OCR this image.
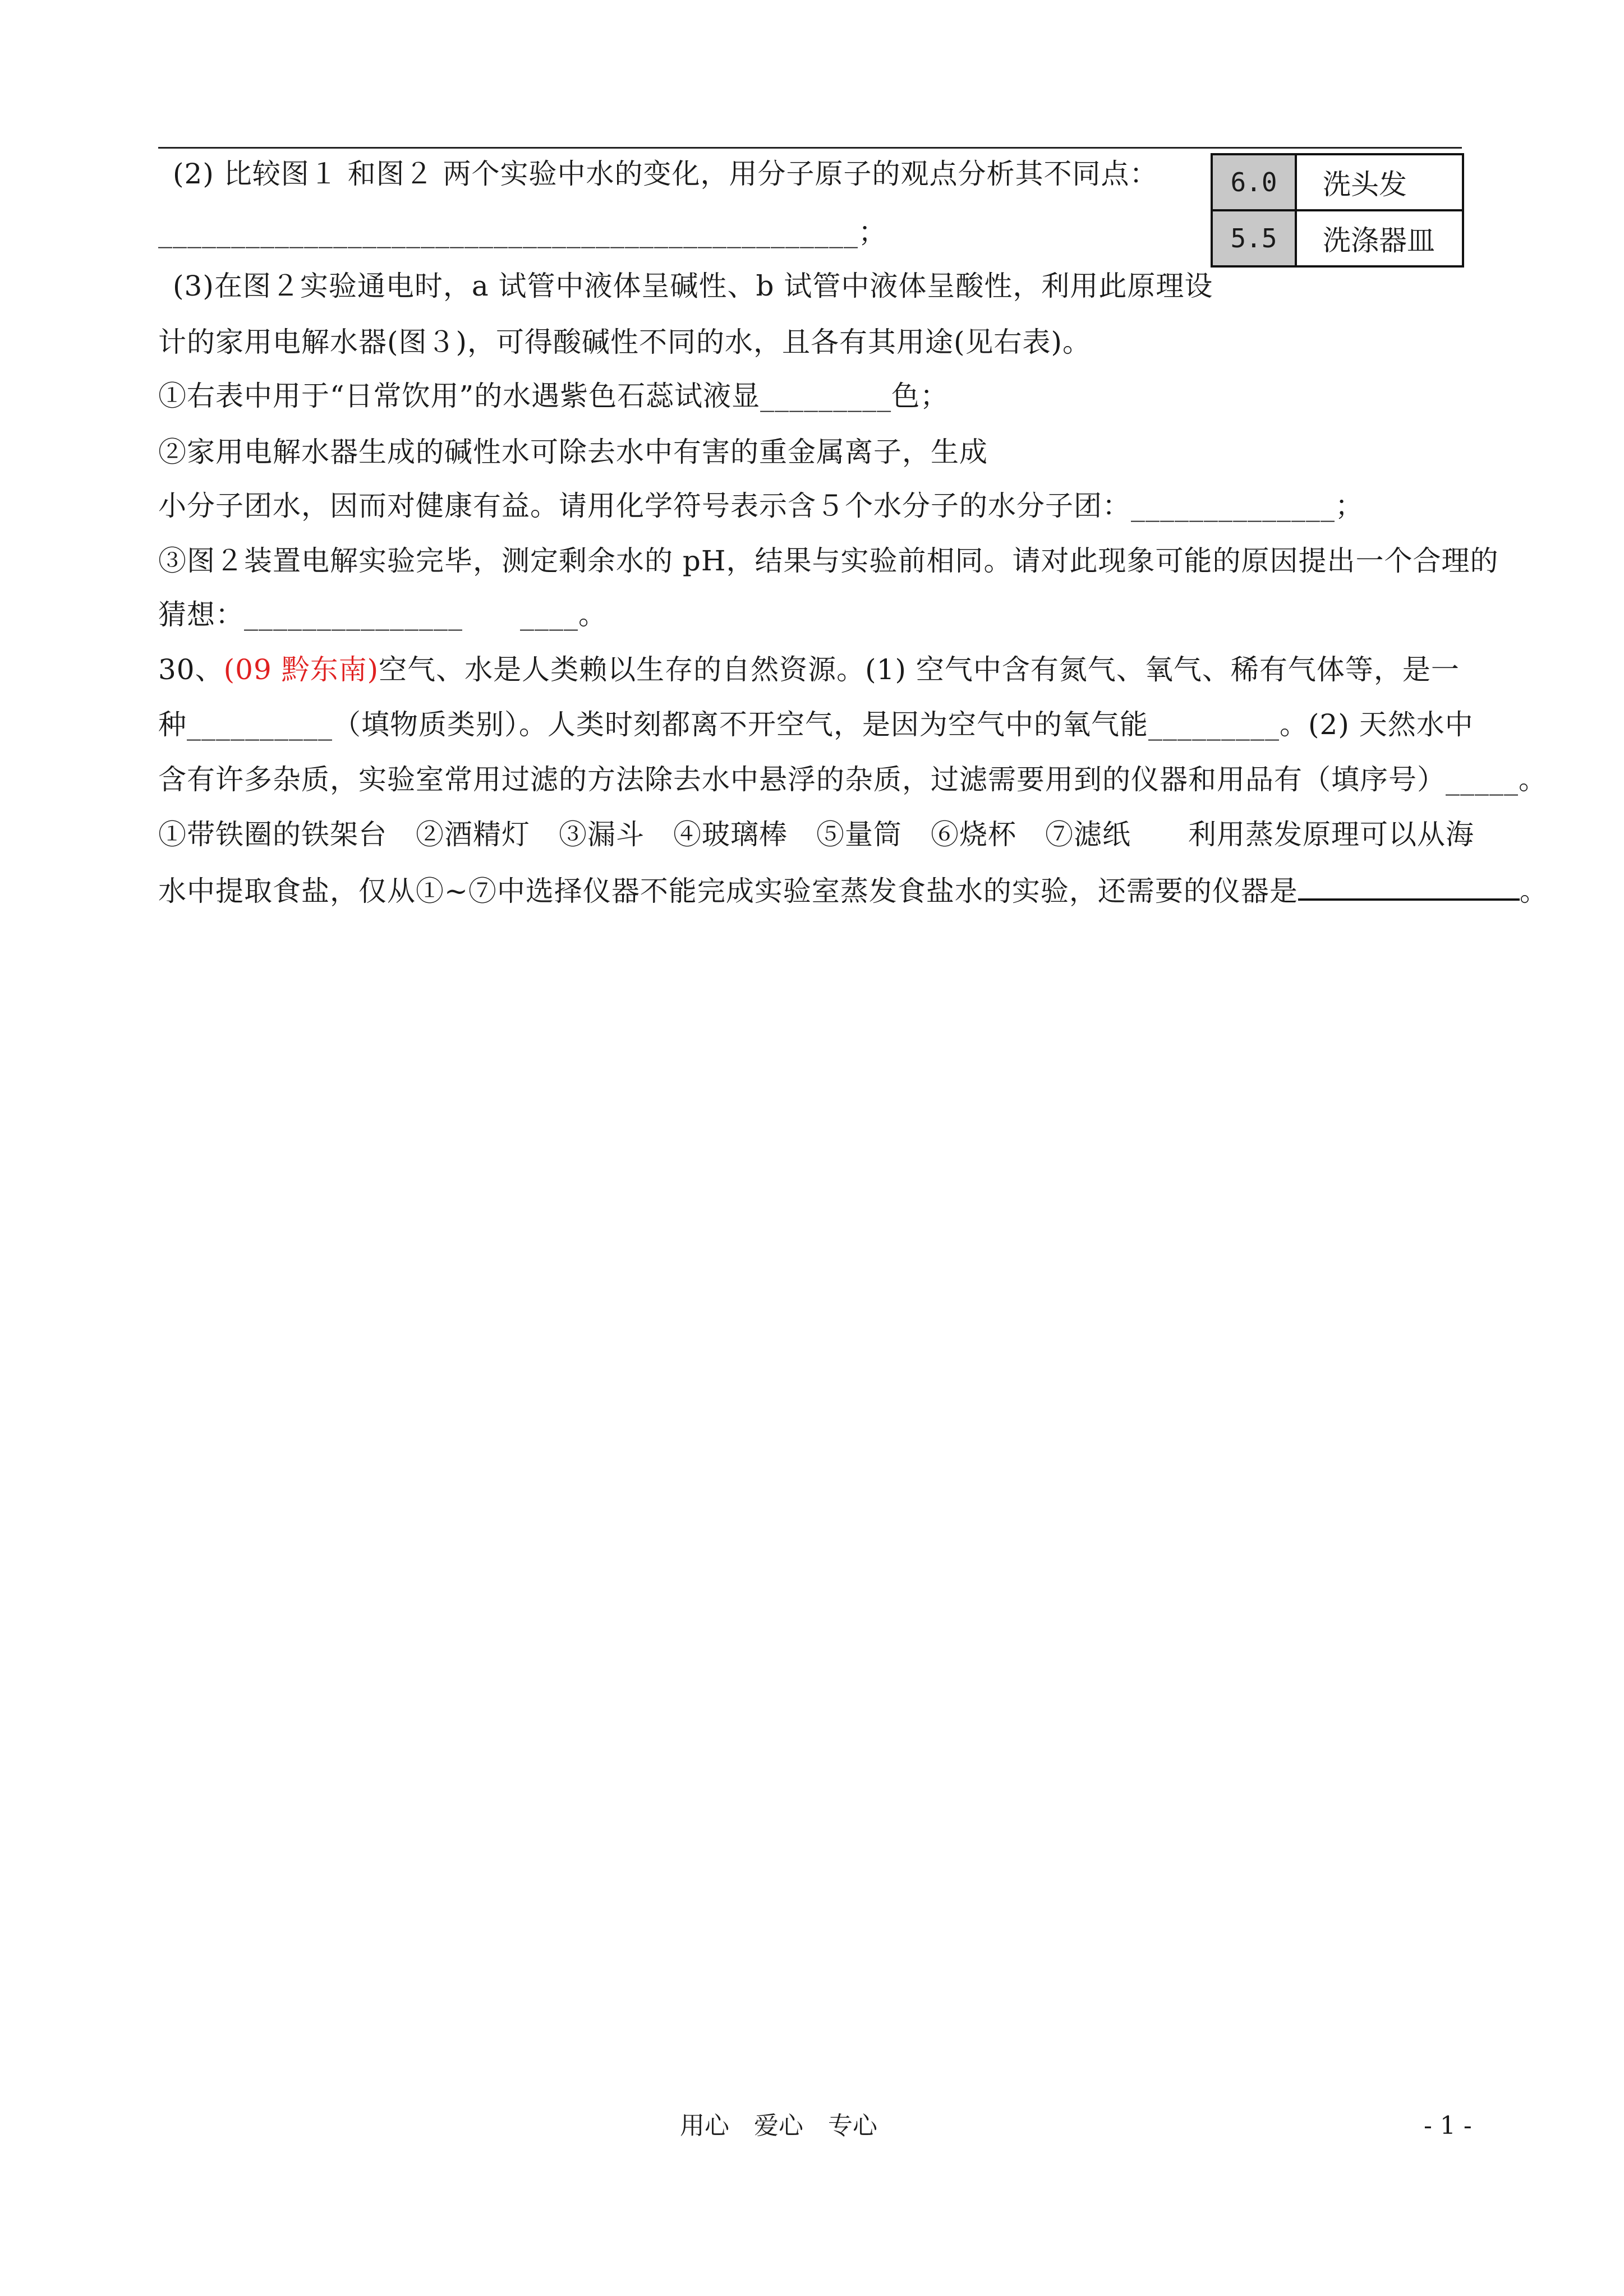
6.0	洗头发
5.5	洗涤器皿
(2) 比较图１ 和图２ 两个实验中水的变化，用分子原子的观点分析其不同点：
________________________________________________；
(3)在图２实验通电时，a 试管中液体呈碱性、b 试管中液体呈酸性，利用此原理设
计的家用电解水器(图３)，可得酸碱性不同的水，且各有其用途(见右表)。
①右表中用于“日常饮用”的水遇紫色石蕊试液显_________色；
②家用电解水器生成的碱性水可除去水中有害的重金属离子，生成
小分子团水，因而对健康有益。请用化学符号表示含５个水分子的水分子团：______________；
③图２装置电解实验完毕，测定剩余水的 pH，结果与实验前相同。请对此现象可能的原因提出一个合理的
猜想：_______________　　____。
30、(09 黔东南)空气、水是人类赖以生存的自然资源。(1) 空气中含有氮气、氧气、稀有气体等，是一
种__________（填物质类别）。人类时刻都离不开空气，是因为空气中的氧气能_________。(2) 天然水中
含有许多杂质，实验室常用过滤的方法除去水中悬浮的杂质，过滤需要用到的仪器和用品有（填序号）_____。
①带铁圈的铁架台　②酒精灯　③漏斗　④玻璃棒　⑤量筒　⑥烧杯　⑦滤纸　　利用蒸发原理可以从海
水中提取食盐，仅从①~⑦中选择仪器不能完成实验室蒸发食盐水的实验，还需要的仪器是	。
用心　爱心　专心	- 1 -
